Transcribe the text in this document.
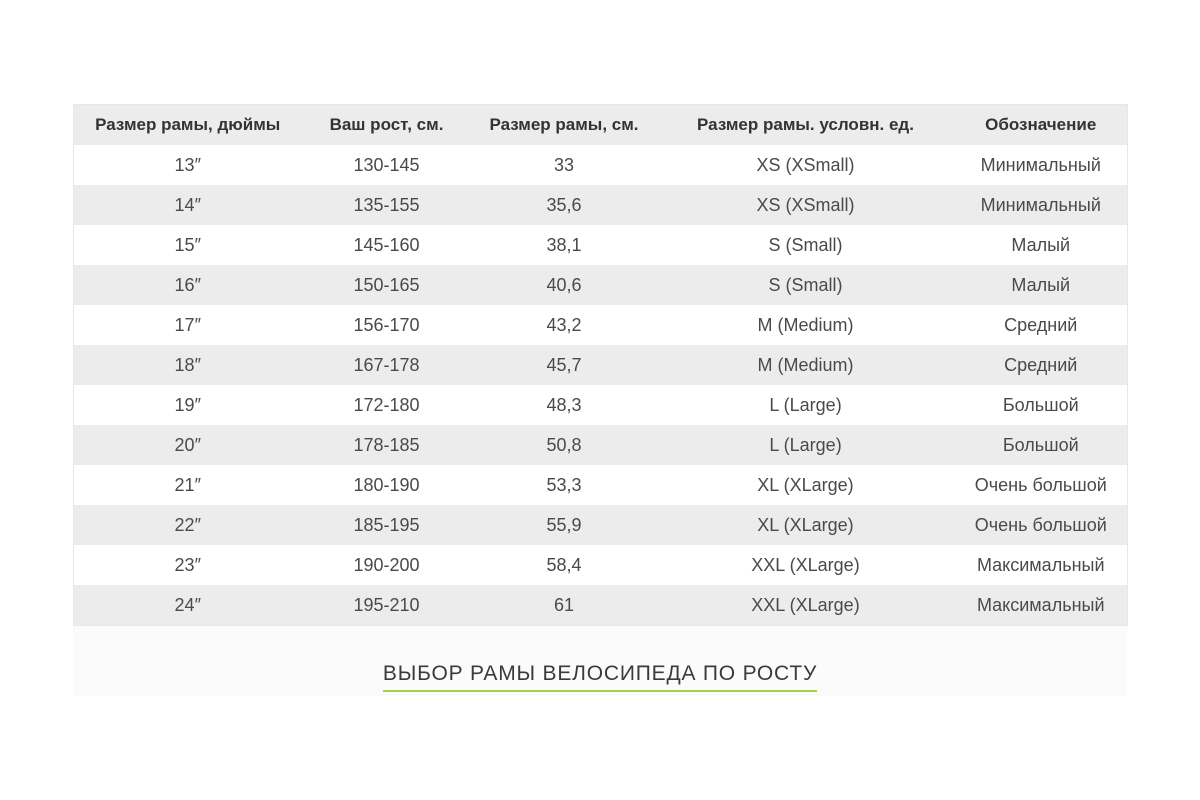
Размер рамы, дюймы	Ваш рост, см.	Размер рамы, см.	Размер рамы. условн. ед.	Обозначение
13″	130-145	33	XS (XSmall)	Минимальный
14″	135-155	35,6	XS (XSmall)	Минимальный
15″	145-160	38,1	S (Small)	Малый
16″	150-165	40,6	S (Small)	Малый
17″	156-170	43,2	M (Medium)	Средний
18″	167-178	45,7	M (Medium)	Средний
19″	172-180	48,3	L (Large)	Большой
20″	178-185	50,8	L (Large)	Большой
21″	180-190	53,3	XL (XLarge)	Очень большой
22″	185-195	55,9	XL (XLarge)	Очень большой
23″	190-200	58,4	XXL (XLarge)	Максимальный
24″	195-210	61	XXL (XLarge)	Максимальный
ВЫБОР РАМЫ ВЕЛОСИПЕДА ПО РОСТУ
